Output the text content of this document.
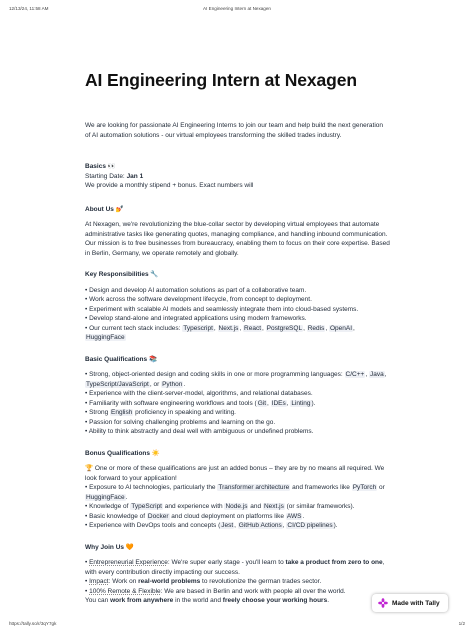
12/13/24, 11:58 AM	AI Engineering Intern at Nexagen
AI Engineering Intern at Nexagen

We are looking for passionate AI Engineering Interns to join our team and help build the next generation of AI automation solutions - our virtual employees transforming the skilled trades industry.

Basics 👀

Starting Date: Jan 1

We provide a monthly stipend + bonus. Exact numbers will

About Us 💅

At Nexagen, we're revolutionizing the blue-collar sector by developing virtual employees that automate administrative tasks like generating quotes, managing compliance, and handling inbound communication. Our mission is to free businesses from bureaucracy, enabling them to focus on their core expertise. Based in Berlin, Germany, we operate remotely and globally.

Key Responsibilities 🔧

• Design and develop AI automation solutions as part of a collaborative team.

• Work across the software development lifecycle, from concept to deployment.

• Experiment with scalable AI models and seamlessly integrate them into cloud-based systems.

• Develop stand-alone and integrated applications using modern frameworks.

• Our current tech stack includes: Typescript, Next.js, React, PostgreSQL, Redis, OpenAI, HuggingFace

Basic Qualifications 📚

• Strong, object-oriented design and coding skills in one or more programming languages: C/C++, Java, TypeScript/JavaScript, or Python.

• Experience with the client-server-model, algorithms, and relational databases.

• Familiarity with software engineering workflows and tools (Git, IDEs, Linting).

• Strong English proficiency in speaking and writing.

• Passion for solving challenging problems and learning on the go.

• Ability to think abstractly and deal well with ambiguous or undefined problems.

Bonus Qualifications ☀️

🏆 One or more of these qualifications are just an added bonus – they are by no means all required. We look forward to your application!

• Exposure to AI technologies, particularly the Transformer architecture and frameworks like PyTorch or HuggingFace.

• Knowledge of TypeScript and experience with Node.js and Next.js (or similar frameworks).

• Basic knowledge of Docker and cloud deployment on platforms like AWS.

• Experience with DevOps tools and concepts (Jest, GitHub Actions, CI/CD pipelines).

Why Join Us 🧡

• Entrepreneurial Experience: We're super early stage - you'll learn to take a product from zero to one, with every contribution directly impacting our success.

• Impact: Work on real-world problems to revolutionize the german trades sector.

• 100% Remote & Flexible: We are based in Berlin and work with people all over the world.

You can work from anywhere in the world and freely choose your working hours.	Made with Tally
https://tally.so/r/3qY7gk	1/2
